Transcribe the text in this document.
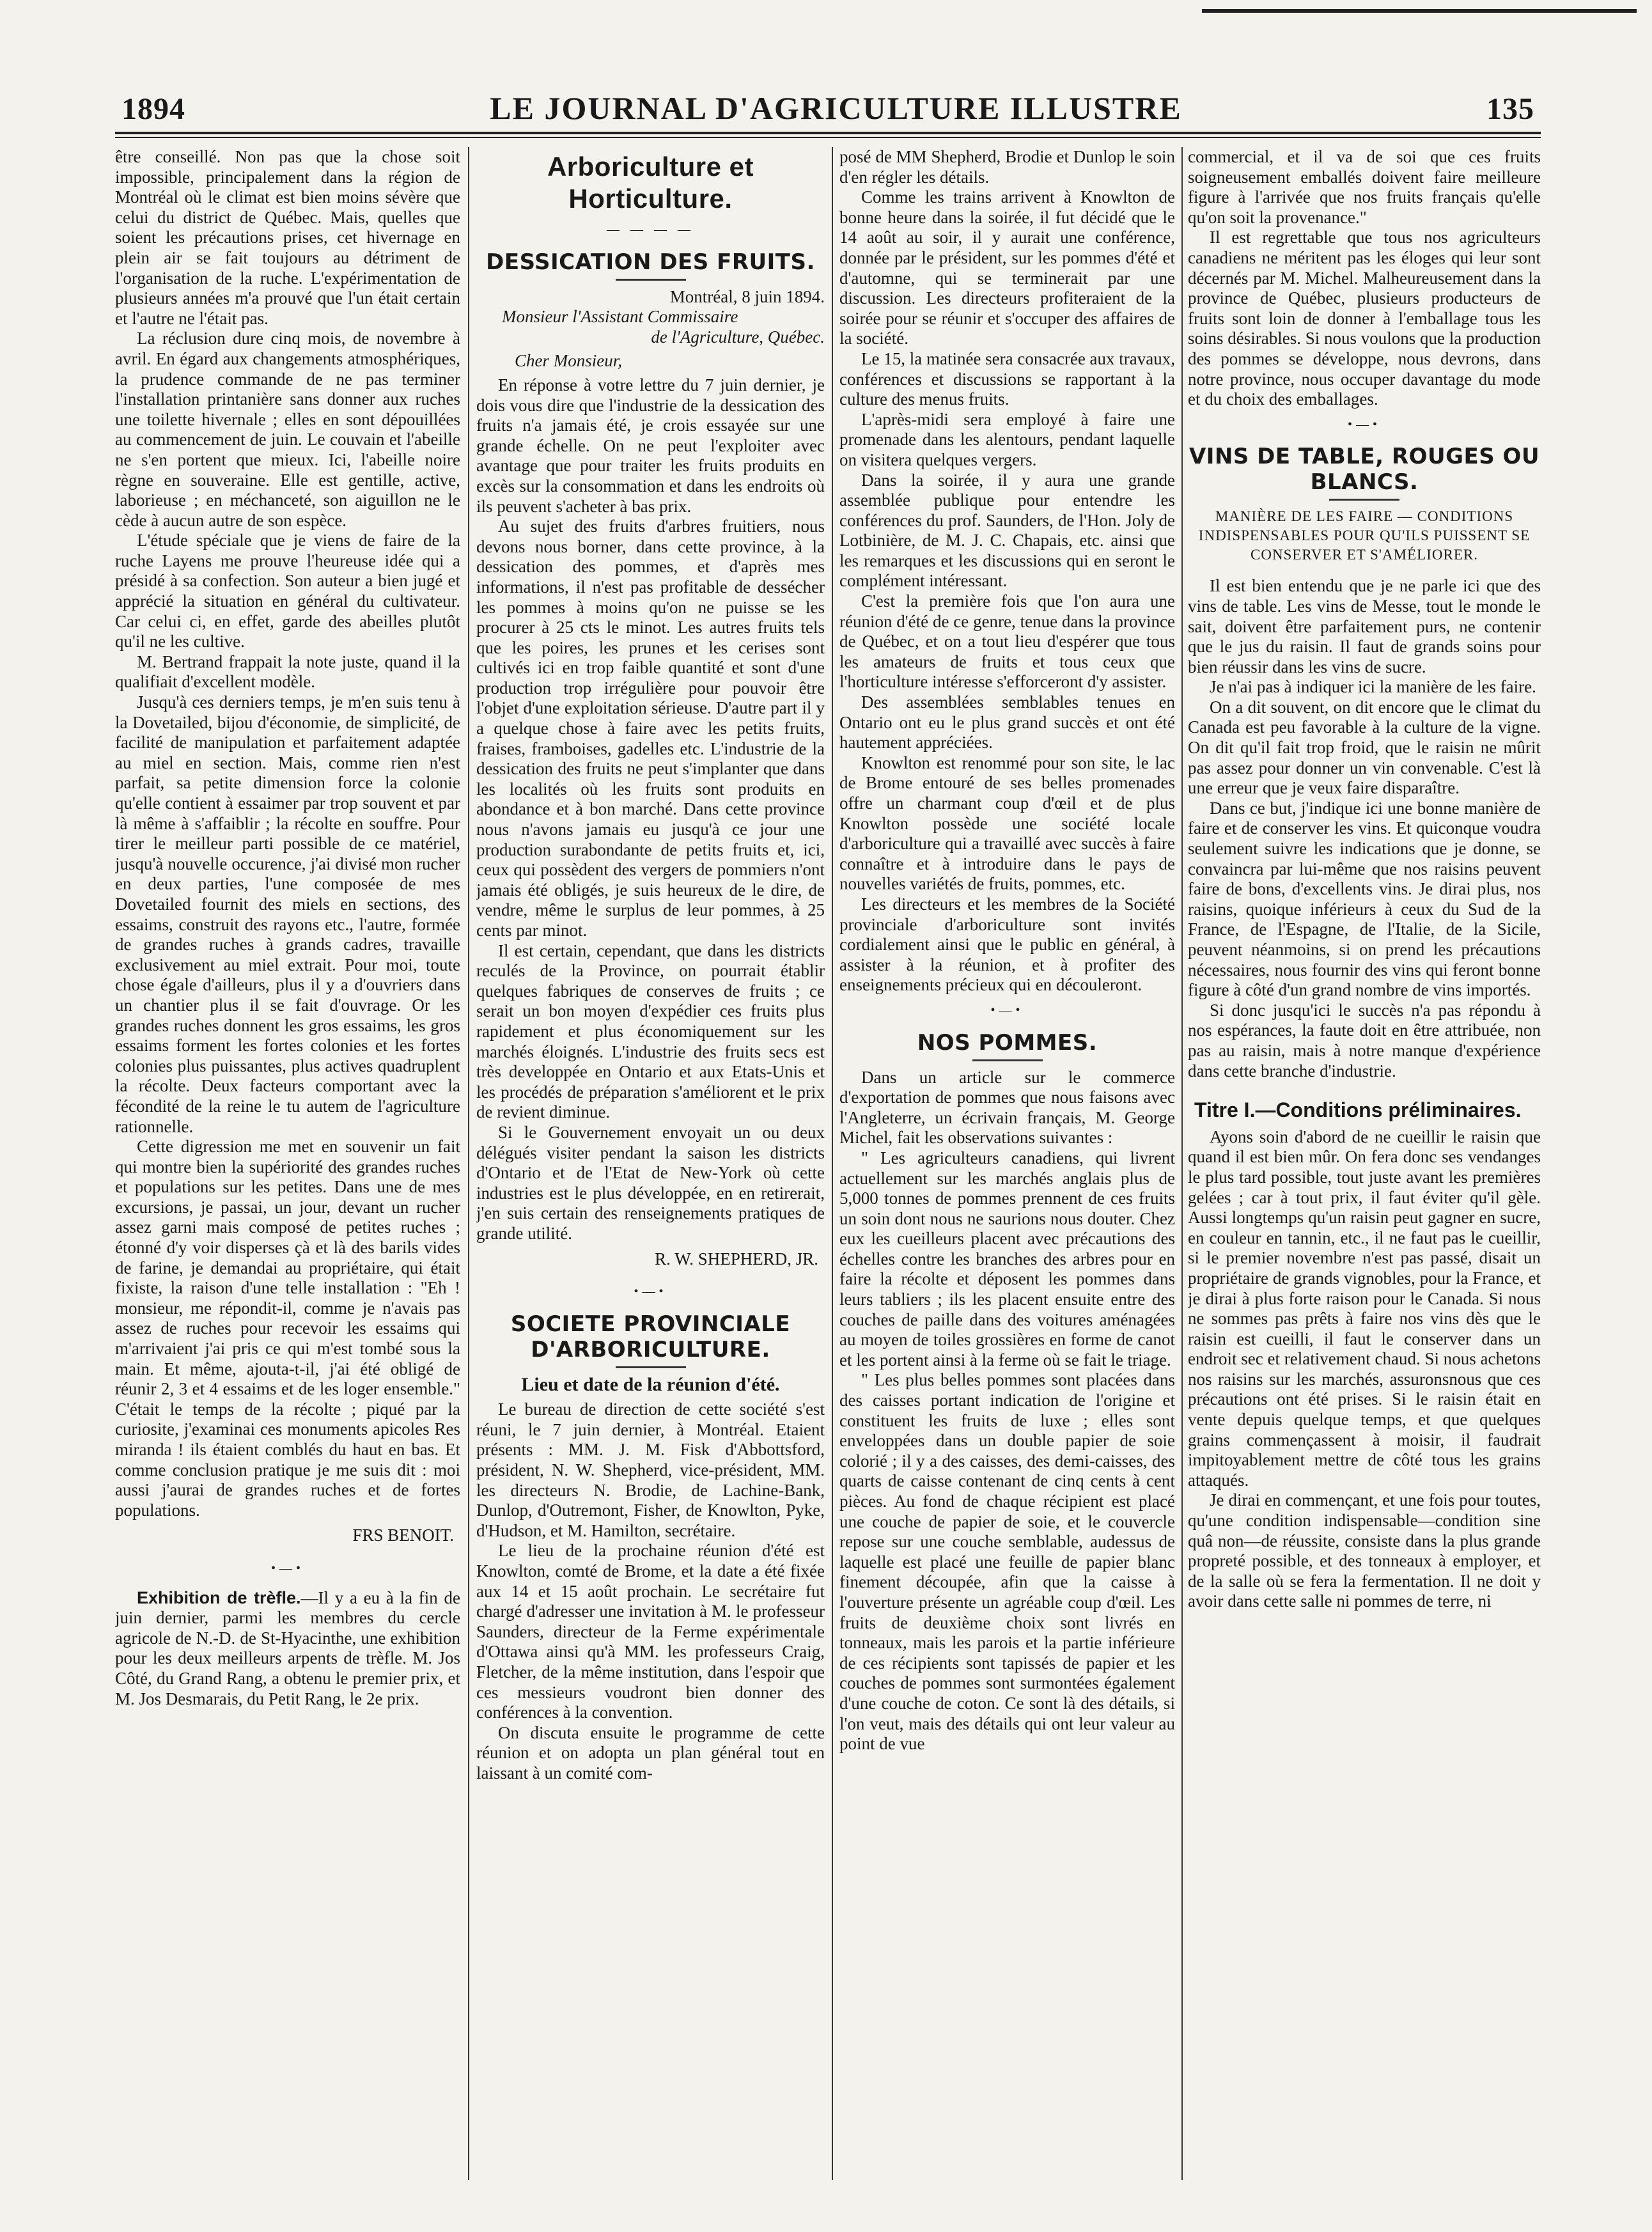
1894	LE JOURNAL D'AGRICULTURE ILLUSTRE	135

être conseillé. Non pas que la chose soit impossible, principalement dans la région de Montréal où le climat est bien moins sévère que celui du district de Québec. Mais, quelles que soient les précautions prises, cet hivernage en plein air se fait toujours au détriment de l'organisation de la ruche. L'expérimentation de plusieurs années m'a prouvé que l'un était certain et l'autre ne l'était pas.

La réclusion dure cinq mois, de novembre à avril. En égard aux changements atmosphériques, la prudence commande de ne pas terminer l'installation printanière sans donner aux ruches une toilette hivernale ; elles en sont dépouillées au commencement de juin. Le couvain et l'abeille ne s'en portent que mieux. Ici, l'abeille noire règne en souveraine. Elle est gentille, active, laborieuse ; en méchanceté, son aiguillon ne le cède à aucun autre de son espèce.

L'étude spéciale que je viens de faire de la ruche Layens me prouve l'heureuse idée qui a présidé à sa confection. Son auteur a bien jugé et apprécié la situation en général du cultivateur. Car celui ci, en effet, garde des abeilles plutôt qu'il ne les cultive.

M. Bertrand frappait la note juste, quand il la qualifiait d'excellent modèle.

Jusqu'à ces derniers temps, je m'en suis tenu à la Dovetailed, bijou d'économie, de simplicité, de facilité de manipulation et parfaitement adaptée au miel en section. Mais, comme rien n'est parfait, sa petite dimension force la colonie qu'elle contient à essaimer par trop souvent et par là même à s'affaiblir ; la récolte en souffre. Pour tirer le meilleur parti possible de ce matériel, jusqu'à nouvelle occurence, j'ai divisé mon rucher en deux parties, l'une composée de mes Dovetailed fournit des miels en sections, des essaims, construit des rayons etc., l'autre, formée de grandes ruches à grands cadres, travaille exclusivement au miel extrait. Pour moi, toute chose égale d'ailleurs, plus il y a d'ouvriers dans un chantier plus il se fait d'ouvrage. Or les grandes ruches donnent les gros essaims, les gros essaims forment les fortes colonies et les fortes colonies plus puissantes, plus actives quadruplent la récolte. Deux facteurs comportant avec la fécondité de la reine le tu autem de l'agriculture rationnelle.

Cette digression me met en souvenir un fait qui montre bien la supériorité des grandes ruches et populations sur les petites. Dans une de mes excursions, je passai, un jour, devant un rucher assez garni mais composé de petites ruches ; étonné d'y voir disperses çà et là des barils vides de farine, je demandai au propriétaire, qui était fixiste, la raison d'une telle installation : "Eh ! monsieur, me répondit-il, comme je n'avais pas assez de ruches pour recevoir les essaims qui m'arrivaient j'ai pris ce qui m'est tombé sous la main. Et même, ajouta-t-il, j'ai été obligé de réunir 2, 3 et 4 essaims et de les loger ensemble." C'était le temps de la récolte ; piqué par la curiosite, j'examinai ces monuments apicoles Res miranda ! ils étaient comblés du haut en bas. Et comme conclusion pratique je me suis dit : moi aussi j'aurai de grandes ruches et de fortes populations.

FRS BENOIT.
•—•

Exhibition de trèfle.—Il y a eu à la fin de juin dernier, parmi les membres du cercle agricole de N.-D. de St-Hyacinthe, une exhibition pour les deux meilleurs arpents de trèfle. M. Jos Côté, du Grand Rang, a obtenu le premier prix, et M. Jos Desmarais, du Petit Rang, le 2e prix.

Arboriculture et Horticulture.
— — — —
DESSICATION DES FRUITS.
Montréal, 8 juin 1894.
Monsieur l'Assistant Commissaire
de l'Agriculture, Québec.
Cher Monsieur,

En réponse à votre lettre du 7 juin dernier, je dois vous dire que l'industrie de la dessication des fruits n'a jamais été, je crois essayée sur une grande échelle. On ne peut l'exploiter avec avantage que pour traiter les fruits produits en excès sur la consommation et dans les endroits où ils peuvent s'acheter à bas prix.

Au sujet des fruits d'arbres fruitiers, nous devons nous borner, dans cette province, à la dessication des pommes, et d'après mes informations, il n'est pas profitable de dessécher les pommes à moins qu'on ne puisse se les procurer à 25 cts le minot. Les autres fruits tels que les poires, les prunes et les cerises sont cultivés ici en trop faible quantité et sont d'une production trop irrégulière pour pouvoir être l'objet d'une exploitation sérieuse. D'autre part il y a quelque chose à faire avec les petits fruits, fraises, framboises, gadelles etc. L'industrie de la dessication des fruits ne peut s'implanter que dans les localités où les fruits sont produits en abondance et à bon marché. Dans cette province nous n'avons jamais eu jusqu'à ce jour une production surabondante de petits fruits et, ici, ceux qui possèdent des vergers de pommiers n'ont jamais été obligés, je suis heureux de le dire, de vendre, même le surplus de leur pommes, à 25 cents par minot.

Il est certain, cependant, que dans les districts reculés de la Province, on pourrait établir quelques fabriques de conserves de fruits ; ce serait un bon moyen d'expédier ces fruits plus rapidement et plus économiquement sur les marchés éloignés. L'industrie des fruits secs est très developpée en Ontario et aux Etats-Unis et les procédés de préparation s'améliorent et le prix de revient diminue.

Si le Gouvernement envoyait un ou deux délégués visiter pendant la saison les districts d'Ontario et de l'Etat de New-York où cette industries est le plus développée, en en retirerait, j'en suis certain des renseignements pratiques de grande utilité.

R. W. SHEPHERD, JR.
•—•
SOCIETE PROVINCIALE D'ARBORICULTURE.
Lieu et date de la réunion d'été.

Le bureau de direction de cette société s'est réuni, le 7 juin dernier, à Montréal. Etaient présents : MM. J. M. Fisk d'Abbottsford, président, N. W. Shepherd, vice-président, MM. les directeurs N. Brodie, de Lachine-Bank, Dunlop, d'Outremont, Fisher, de Knowlton, Pyke, d'Hudson, et M. Hamilton, secrétaire.

Le lieu de la prochaine réunion d'été est Knowlton, comté de Brome, et la date a été fixée aux 14 et 15 août prochain. Le secrétaire fut chargé d'adresser une invitation à M. le professeur Saunders, directeur de la Ferme expérimentale d'Ottawa ainsi qu'à MM. les professeurs Craig, Fletcher, de la même institution, dans l'espoir que ces messieurs voudront bien donner des conférences à la convention.

On discuta ensuite le programme de cette réunion et on adopta un plan général tout en laissant à un comité com-

posé de MM Shepherd, Brodie et Dunlop le soin d'en régler les détails.

Comme les trains arrivent à Knowlton de bonne heure dans la soirée, il fut décidé que le 14 août au soir, il y aurait une conférence, donnée par le président, sur les pommes d'été et d'automne, qui se terminerait par une discussion. Les directeurs profiteraient de la soirée pour se réunir et s'occuper des affaires de la société.

Le 15, la matinée sera consacrée aux travaux, conférences et discussions se rapportant à la culture des menus fruits.

L'après-midi sera employé à faire une promenade dans les alentours, pendant laquelle on visitera quelques vergers.

Dans la soirée, il y aura une grande assemblée publique pour entendre les conférences du prof. Saunders, de l'Hon. Joly de Lotbinière, de M. J. C. Chapais, etc. ainsi que les remarques et les discussions qui en seront le complément intéressant.

C'est la première fois que l'on aura une réunion d'été de ce genre, tenue dans la province de Québec, et on a tout lieu d'espérer que tous les amateurs de fruits et tous ceux que l'horticulture intéresse s'efforceront d'y assister.

Des assemblées semblables tenues en Ontario ont eu le plus grand succès et ont été hautement appréciées.

Knowlton est renommé pour son site, le lac de Brome entouré de ses belles promenades offre un charmant coup d'œil et de plus Knowlton possède une société locale d'arboriculture qui a travaillé avec succès à faire connaître et à introduire dans le pays de nouvelles variétés de fruits, pommes, etc.

Les directeurs et les membres de la Société provinciale d'arboriculture sont invités cordialement ainsi que le public en général, à assister à la réunion, et à profiter des enseignements précieux qui en découleront.

•—•
NOS POMMES.

Dans un article sur le commerce d'exportation de pommes que nous faisons avec l'Angleterre, un écrivain français, M. George Michel, fait les observations suivantes :

" Les agriculteurs canadiens, qui livrent actuellement sur les marchés anglais plus de 5,000 tonnes de pommes prennent de ces fruits un soin dont nous ne saurions nous douter. Chez eux les cueilleurs placent avec précautions des échelles contre les branches des arbres pour en faire la récolte et déposent les pommes dans leurs tabliers ; ils les placent ensuite entre des couches de paille dans des voitures aménagées au moyen de toiles grossières en forme de canot et les portent ainsi à la ferme où se fait le triage.

" Les plus belles pommes sont placées dans des caisses portant indication de l'origine et constituent les fruits de luxe ; elles sont enveloppées dans un double papier de soie colorié ; il y a des caisses, des demi-caisses, des quarts de caisse contenant de cinq cents à cent pièces. Au fond de chaque récipient est placé une couche de papier de soie, et le couvercle repose sur une couche semblable, audessus de laquelle est placé une feuille de papier blanc finement découpée, afin que la caisse à l'ouverture présente un agréable coup d'œil. Les fruits de deuxième choix sont livrés en tonneaux, mais les parois et la partie inférieure de ces récipients sont tapissés de papier et les couches de pommes sont surmontées également d'une couche de coton. Ce sont là des détails, si l'on veut, mais des détails qui ont leur valeur au point de vue

commercial, et il va de soi que ces fruits soigneusement emballés doivent faire meilleure figure à l'arrivée que nos fruits français qu'elle qu'on soit la provenance."

Il est regrettable que tous nos agriculteurs canadiens ne méritent pas les éloges qui leur sont décernés par M. Michel. Malheureusement dans la province de Québec, plusieurs producteurs de fruits sont loin de donner à l'emballage tous les soins désirables. Si nous voulons que la production des pommes se développe, nous devrons, dans notre province, nous occuper davantage du mode et du choix des emballages.

•—•
VINS DE TABLE, ROUGES OU BLANCS.
MANIÈRE DE LES FAIRE — CONDITIONS INDISPENSABLES POUR QU'ILS PUISSENT SE CONSERVER ET S'AMÉLIORER.

Il est bien entendu que je ne parle ici que des vins de table. Les vins de Messe, tout le monde le sait, doivent être parfaitement purs, ne contenir que le jus du raisin. Il faut de grands soins pour bien réussir dans les vins de sucre.

Je n'ai pas à indiquer ici la manière de les faire.

On a dit souvent, on dit encore que le climat du Canada est peu favorable à la culture de la vigne. On dit qu'il fait trop froid, que le raisin ne mûrit pas assez pour donner un vin convenable. C'est là une erreur que je veux faire disparaître.

Dans ce but, j'indique ici une bonne manière de faire et de conserver les vins. Et quiconque voudra seulement suivre les indications que je donne, se convaincra par lui-même que nos raisins peuvent faire de bons, d'excellents vins. Je dirai plus, nos raisins, quoique inférieurs à ceux du Sud de la France, de l'Espagne, de l'Italie, de la Sicile, peuvent néanmoins, si on prend les précautions nécessaires, nous fournir des vins qui feront bonne figure à côté d'un grand nombre de vins importés.

Si donc jusqu'ici le succès n'a pas répondu à nos espérances, la faute doit en être attribuée, non pas au raisin, mais à notre manque d'expérience dans cette branche d'industrie.

Titre I.—Conditions préliminaires.

Ayons soin d'abord de ne cueillir le raisin que quand il est bien mûr. On fera donc ses vendanges le plus tard possible, tout juste avant les premières gelées ; car à tout prix, il faut éviter qu'il gèle. Aussi longtemps qu'un raisin peut gagner en sucre, en couleur en tannin, etc., il ne faut pas le cueillir, si le premier novembre n'est pas passé, disait un propriétaire de grands vignobles, pour la France, et je dirai à plus forte raison pour le Canada. Si nous ne sommes pas prêts à faire nos vins dès que le raisin est cueilli, il faut le conserver dans un endroit sec et relativement chaud. Si nous achetons nos raisins sur les marchés, assuronsnous que ces précautions ont été prises. Si le raisin était en vente depuis quelque temps, et que quelques grains commençassent à moisir, il faudrait impitoyablement mettre de côté tous les grains attaqués.

Je dirai en commençant, et une fois pour toutes, qu'une condition indispensable—condition sine quâ non—de réussite, consiste dans la plus grande propreté possible, et des tonneaux à employer, et de la salle où se fera la fermentation. Il ne doit y avoir dans cette salle ni pommes de terre, ni
